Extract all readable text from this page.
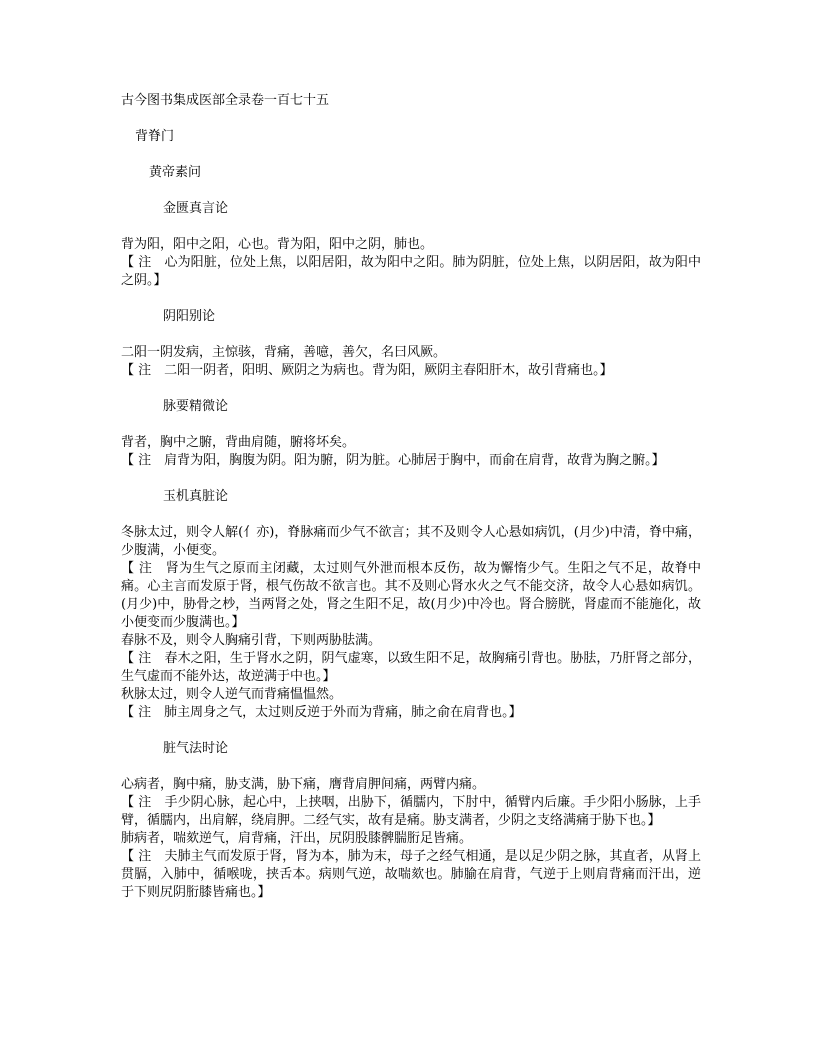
古今图书集成医部全录卷一百七十五
背脊门
黄帝素问
金匮真言论

背为阳，阳中之阳，心也。背为阳，阳中之阴，肺也。

【 注　心为阳脏，位处上焦，以阳居阳，故为阳中之阳。肺为阴脏，位处上焦，以阴居阳，故为阳中之阴。】

阴阳别论

二阳一阴发病，主惊骇，背痛，善噫，善欠，名曰风厥。

【 注　二阳一阴者，阳明、厥阴之为病也。背为阳，厥阴主春阳肝木，故引背痛也。】

脉要精微论

背者，胸中之腑，背曲肩随，腑将坏矣。

【 注　肩背为阳，胸腹为阴。阳为腑，阴为脏。心肺居于胸中，而俞在肩背，故背为胸之腑。】

玉机真脏论

冬脉太过，则令人解(亻亦)，脊脉痛而少气不欲言；其不及则令人心悬如病饥，(月少)中清，脊中痛，少腹满，小便变。

【 注　肾为生气之原而主闭藏，太过则气外泄而根本反伤，故为懈惰少气。生阳之气不足，故脊中痛。心主言而发原于肾，根气伤故不欲言也。其不及则心肾水火之气不能交济，故令人心悬如病饥。(月少)中，胁骨之杪，当两肾之处，肾之生阳不足，故(月少)中冷也。肾合膀胱，肾虚而不能施化，故小便变而少腹满也。】

春脉不及，则令人胸痛引背，下则两胁胠满。

【 注　春木之阳，生于肾水之阴，阴气虚寒，以致生阳不足，故胸痛引背也。胁胠，乃肝肾之部分，生气虚而不能外达，故逆满于中也。】

秋脉太过，则令人逆气而背痛愠愠然。

【 注　肺主周身之气，太过则反逆于外而为背痛，肺之俞在肩背也。】

脏气法时论

心病者，胸中痛，胁支满，胁下痛，膺背肩胛间痛，两臂内痛。

【 注　手少阴心脉，起心中，上挟咽，出胁下，循臑内，下肘中，循臂内后廉。手少阳小肠脉，上手臂，循臑内，出肩解，绕肩胛。二经气实，故有是痛。胁支满者，少阴之支络满痛于胁下也。】

肺病者，喘欬逆气，肩背痛，汗出，尻阴股膝髀腨胻足皆痛。

【 注　夫肺主气而发原于肾，肾为本，肺为末，母子之经气相通，是以足少阴之脉，其直者，从肾上贯膈，入肺中，循喉咙，挟舌本。病则气逆，故喘欬也。肺腧在肩背，气逆于上则肩背痛而汗出，逆于下则尻阴胻膝皆痛也。】
